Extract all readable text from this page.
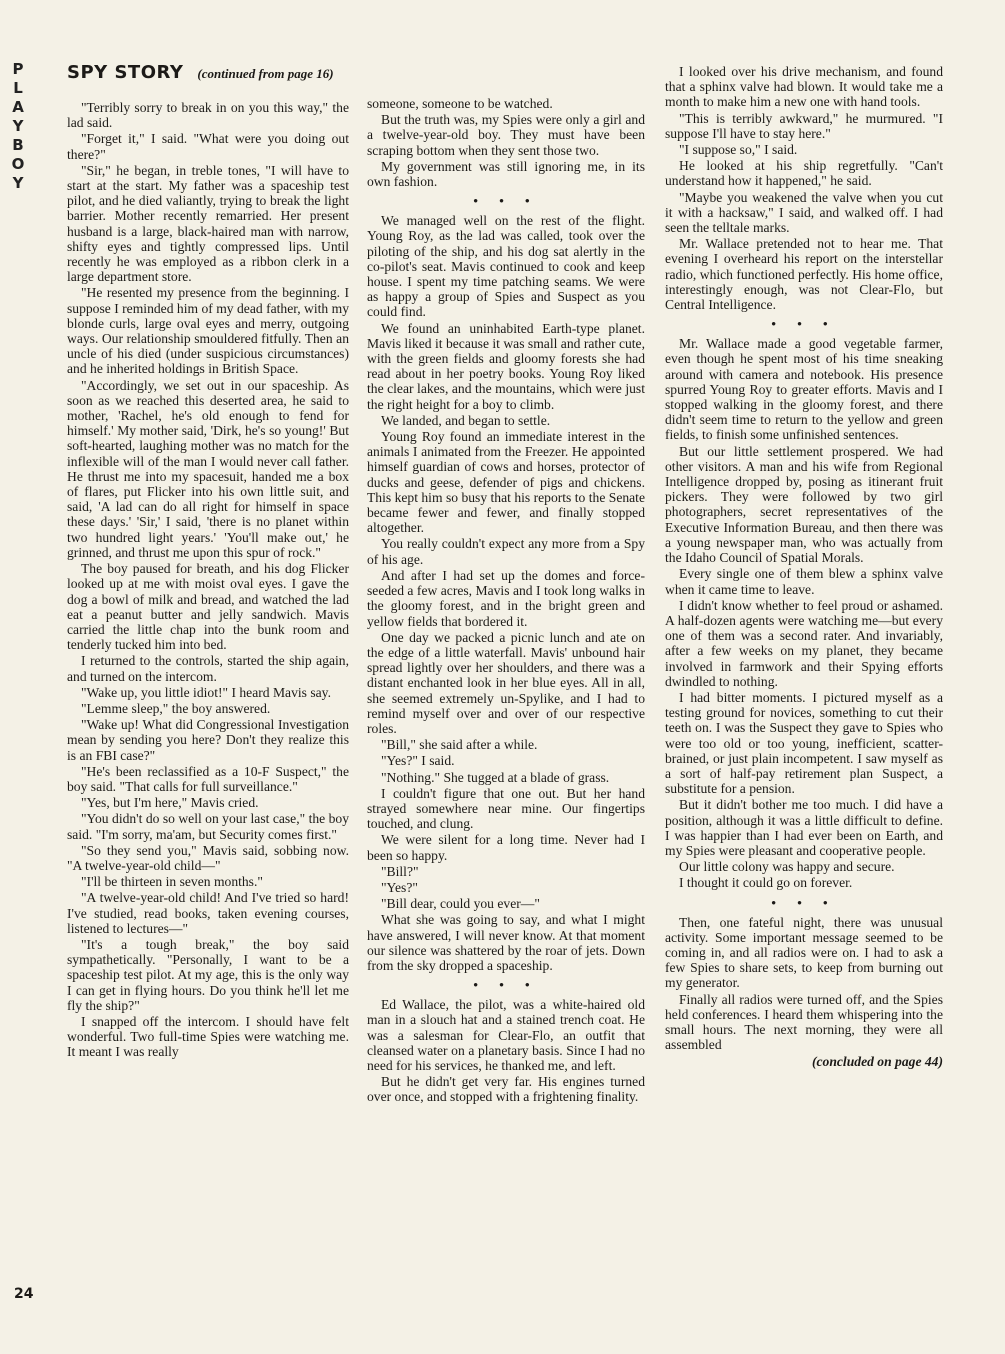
P
L
A
Y
B
O
Y
SPY STORY (continued from page 16)

"Terribly sorry to break in on you this way," the lad said.

"Forget it," I said. "What were you doing out there?"

"Sir," he began, in treble tones, "I will have to start at the start. My father was a spaceship test pilot, and he died valiantly, trying to break the light barrier. Mother recently remarried. Her present husband is a large, black-haired man with narrow, shifty eyes and tightly compressed lips. Until recently he was employed as a ribbon clerk in a large department store.

"He resented my presence from the beginning. I suppose I reminded him of my dead father, with my blonde curls, large oval eyes and merry, outgoing ways. Our relationship smouldered fitfully. Then an uncle of his died (under suspicious circumstances) and he inherited holdings in British Space.

"Accordingly, we set out in our spaceship. As soon as we reached this deserted area, he said to mother, 'Rachel, he's old enough to fend for himself.' My mother said, 'Dirk, he's so young!' But soft-hearted, laughing mother was no match for the inflexible will of the man I would never call father. He thrust me into my spacesuit, handed me a box of flares, put Flicker into his own little suit, and said, 'A lad can do all right for himself in space these days.' 'Sir,' I said, 'there is no planet within two hundred light years.' 'You'll make out,' he grinned, and thrust me upon this spur of rock."

The boy paused for breath, and his dog Flicker looked up at me with moist oval eyes. I gave the dog a bowl of milk and bread, and watched the lad eat a peanut butter and jelly sandwich. Mavis carried the little chap into the bunk room and tenderly tucked him into bed.

I returned to the controls, started the ship again, and turned on the intercom.

"Wake up, you little idiot!" I heard Mavis say.

"Lemme sleep," the boy answered.

"Wake up! What did Congressional Investigation mean by sending you here? Don't they realize this is an FBI case?"

"He's been reclassified as a 10-F Suspect," the boy said. "That calls for full surveillance."

"Yes, but I'm here," Mavis cried.

"You didn't do so well on your last case," the boy said. "I'm sorry, ma'am, but Security comes first."

"So they send you," Mavis said, sobbing now. "A twelve-year-old child—"

"I'll be thirteen in seven months."

"A twelve-year-old child! And I've tried so hard! I've studied, read books, taken evening courses, listened to lectures—"

"It's a tough break," the boy said sympathetically. "Personally, I want to be a spaceship test pilot. At my age, this is the only way I can get in flying hours. Do you think he'll let me fly the ship?"

I snapped off the intercom. I should have felt wonderful. Two full-time Spies were watching me. It meant I was really

someone, someone to be watched.

But the truth was, my Spies were only a girl and a twelve-year-old boy. They must have been scraping bottom when they sent those two.

My government was still ignoring me, in its own fashion.

• • •

We managed well on the rest of the flight. Young Roy, as the lad was called, took over the piloting of the ship, and his dog sat alertly in the co-pilot's seat. Mavis continued to cook and keep house. I spent my time patching seams. We were as happy a group of Spies and Suspect as you could find.

We found an uninhabited Earth-type planet. Mavis liked it because it was small and rather cute, with the green fields and gloomy forests she had read about in her poetry books. Young Roy liked the clear lakes, and the mountains, which were just the right height for a boy to climb.

We landed, and began to settle.

Young Roy found an immediate interest in the animals I animated from the Freezer. He appointed himself guardian of cows and horses, protector of ducks and geese, defender of pigs and chickens. This kept him so busy that his reports to the Senate became fewer and fewer, and finally stopped altogether.

You really couldn't expect any more from a Spy of his age.

And after I had set up the domes and force-seeded a few acres, Mavis and I took long walks in the gloomy forest, and in the bright green and yellow fields that bordered it.

One day we packed a picnic lunch and ate on the edge of a little waterfall. Mavis' unbound hair spread lightly over her shoulders, and there was a distant enchanted look in her blue eyes. All in all, she seemed extremely un-Spylike, and I had to remind myself over and over of our respective roles.

"Bill," she said after a while.

"Yes?" I said.

"Nothing." She tugged at a blade of grass.

I couldn't figure that one out. But her hand strayed somewhere near mine. Our fingertips touched, and clung.

We were silent for a long time. Never had I been so happy.

"Bill?"

"Yes?"

"Bill dear, could you ever—"

What she was going to say, and what I might have answered, I will never know. At that moment our silence was shattered by the roar of jets. Down from the sky dropped a spaceship.

• • •

Ed Wallace, the pilot, was a white-haired old man in a slouch hat and a stained trench coat. He was a salesman for Clear-Flo, an outfit that cleansed water on a planetary basis. Since I had no need for his services, he thanked me, and left.

But he didn't get very far. His engines turned over once, and stopped with a frightening finality.

I looked over his drive mechanism, and found that a sphinx valve had blown. It would take me a month to make him a new one with hand tools.

"This is terribly awkward," he murmured. "I suppose I'll have to stay here."

"I suppose so," I said.

He looked at his ship regretfully. "Can't understand how it happened," he said.

"Maybe you weakened the valve when you cut it with a hacksaw," I said, and walked off. I had seen the telltale marks.

Mr. Wallace pretended not to hear me. That evening I overheard his report on the interstellar radio, which functioned perfectly. His home office, interestingly enough, was not Clear-Flo, but Central Intelligence.

• • •

Mr. Wallace made a good vegetable farmer, even though he spent most of his time sneaking around with camera and notebook. His presence spurred Young Roy to greater efforts. Mavis and I stopped walking in the gloomy forest, and there didn't seem time to return to the yellow and green fields, to finish some unfinished sentences.

But our little settlement prospered. We had other visitors. A man and his wife from Regional Intelligence dropped by, posing as itinerant fruit pickers. They were followed by two girl photographers, secret representatives of the Executive Information Bureau, and then there was a young newspaper man, who was actually from the Idaho Council of Spatial Morals.

Every single one of them blew a sphinx valve when it came time to leave.

I didn't know whether to feel proud or ashamed. A half-dozen agents were watching me—but every one of them was a second rater. And invariably, after a few weeks on my planet, they became involved in farmwork and their Spying efforts dwindled to nothing.

I had bitter moments. I pictured myself as a testing ground for novices, something to cut their teeth on. I was the Suspect they gave to Spies who were too old or too young, inefficient, scatter-brained, or just plain incompetent. I saw myself as a sort of half-pay retirement plan Suspect, a substitute for a pension.

But it didn't bother me too much. I did have a position, although it was a little difficult to define. I was happier than I had ever been on Earth, and my Spies were pleasant and cooperative people.

Our little colony was happy and secure.

I thought it could go on forever.

• • •

Then, one fateful night, there was unusual activity. Some important message seemed to be coming in, and all radios were on. I had to ask a few Spies to share sets, to keep from burning out my generator.

Finally all radios were turned off, and the Spies held conferences. I heard them whispering into the small hours. The next morning, they were all assembled

(concluded on page 44)
24
